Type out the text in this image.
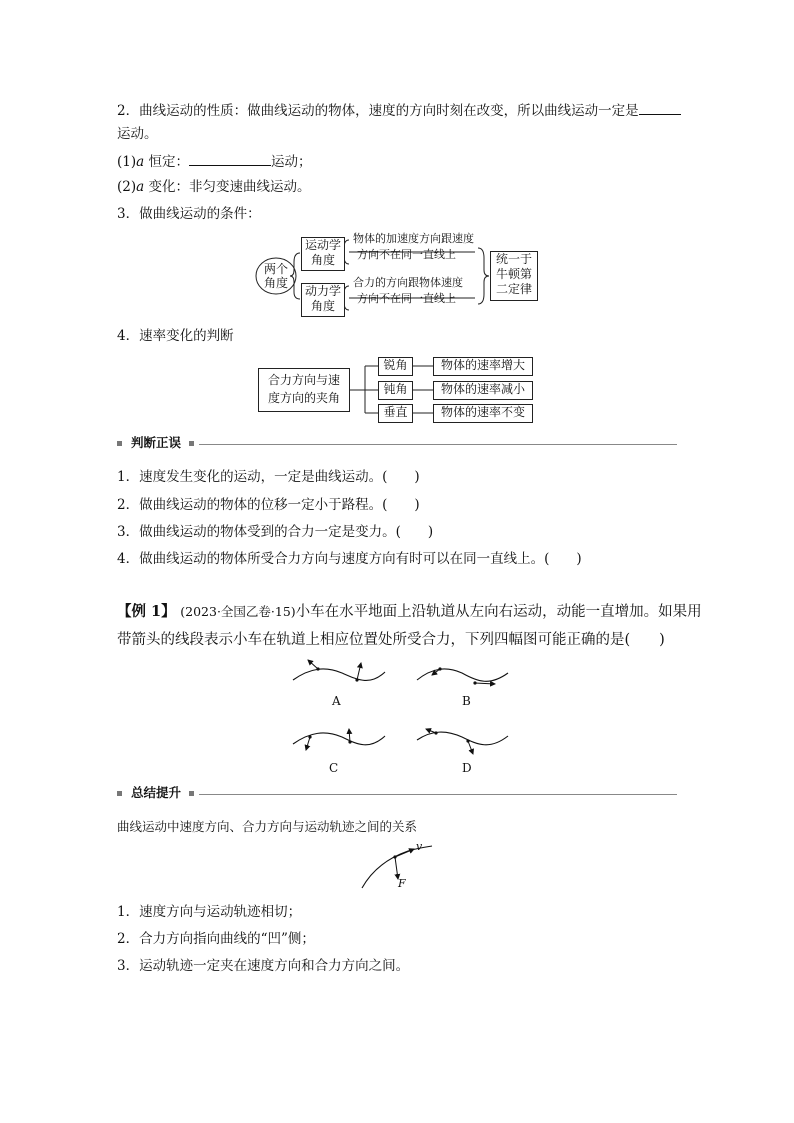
2．曲线运动的性质：做曲线运动的物体，速度的方向时刻在改变，所以曲线运动一定是
运动。
(1)a 恒定：	运动；
(2)a 变化：非匀变速曲线运动。
3．做曲线运动的条件：
两个
角度
运动学
角度
物体的加速度方向跟速度
方向不在同一直线上
动力学
角度
合力的方向跟物体速度
方向不在同一直线上
统一于
牛顿第
二定律
4．速率变化的判断
合力方向与速
度方向的夹角
锐角	物体的速率增大
钝角	物体的速率减小
垂直	物体的速率不变
判断正误
1．速度发生变化的运动，一定是曲线运动。(　　)
2．做曲线运动的物体的位移一定小于路程。(　　)
3．做曲线运动的物体受到的合力一定是变力。(　　)
4．做曲线运动的物体所受合力方向与速度方向有时可以在同一直线上。(　　)
【例 1】 (2023·全国乙卷·15)小车在水平地面上沿轨道从左向右运动，动能一直增加。如果用
带箭头的线段表示小车在轨道上相应位置处所受合力，下列四幅图可能正确的是(　　)
A	B
C	D
总结提升
曲线运动中速度方向、合力方向与运动轨迹之间的关系
v
F
1．速度方向与运动轨迹相切；
2．合力方向指向曲线的“凹”侧；
3．运动轨迹一定夹在速度方向和合力方向之间。
